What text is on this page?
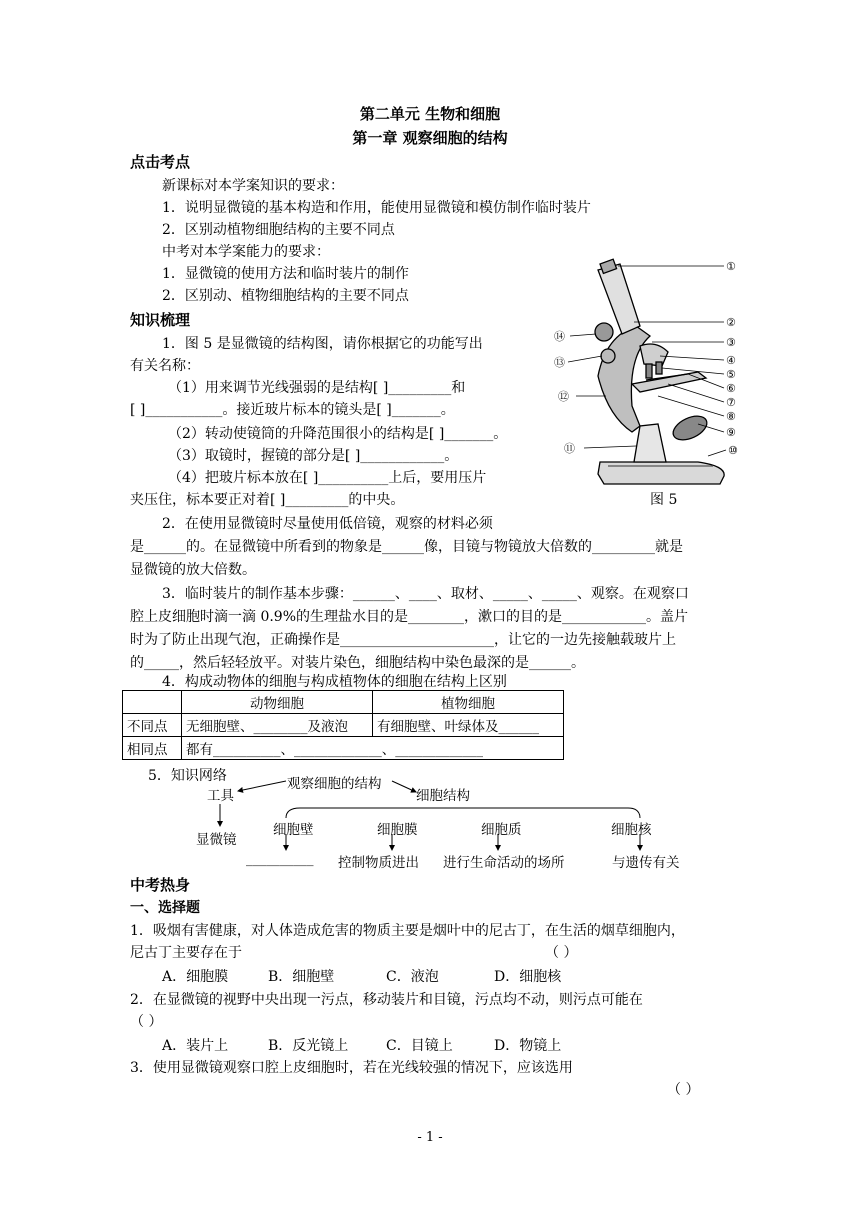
第二单元 生物和细胞
第一章 观察细胞的结构
点击考点
新课标对本学案知识的要求：
1．说明显微镜的基本构造和作用，能使用显微镜和模仿制作临时装片
2．区别动植物细胞结构的主要不同点
中考对本学案能力的要求：
1．显微镜的使用方法和临时装片的制作
2．区别动、植物细胞结构的主要不同点
知识梳理
1．图 5 是显微镜的结构图，请你根据它的功能写出
有关名称：
（1）用来调节光线强弱的是结构[ ]_________和
[ ]___________。接近玻片标本的镜头是[ ]_______。
（2）转动使镜筒的升降范围很小的结构是[ ]_______。
（3）取镜时，握镜的部分是[ ]____________。
（4）把玻片标本放在[ ]__________上后，要用压片
夹压住，标本要正对着[ ]_________的中央。
①
②
③
④
⑤
⑥
⑦
⑧
⑨
⑩
⑪
⑫
⑬
⑭
图 5
2．在使用显微镜时尽量使用低倍镜，观察的材料必须
是______的。在显微镜中所看到的物象是______像，目镜与物镜放大倍数的_________就是
显微镜的放大倍数。
3．临时装片的制作基本步骤：______、____、取材、_____、_____、观察。在观察口
腔上皮细胞时滴一滴 0.9%的生理盐水目的是________，漱口的目的是____________。盖片
时为了防止出现气泡，正确操作是______________________，让它的一边先接触载玻片上
的_____，然后轻轻放平。对装片染色，细胞结构中染色最深的是______。
4．构成动物体的细胞与构成植物体的细胞在结构上区别
	动物细胞	植物细胞
不同点	无细胞壁、________及液泡	有细胞壁、叶绿体及______
相同点	都有__________、_____________、_____________	
5．知识网络	观察细胞的结构
工具	细胞结构
显微镜
细胞壁	细胞膜	细胞质	细胞核
__________ 控制物质进出 进行生命活动的场所	与遗传有关
中考热身
一、选择题
1．吸烟有害健康，对人体造成危害的物质主要是烟叶中的尼古丁，在生活的烟草细胞内，
尼古丁主要存在于	（ ）
A．细胞膜	B．细胞壁	C．液泡	D．细胞核
2．在显微镜的视野中央出现一污点，移动装片和目镜，污点均不动，则污点可能在
（ ）
A．装片上	B．反光镜上	C．目镜上	D．物镜上
3．使用显微镜观察口腔上皮细胞时，若在光线较强的情况下，应该选用
（ ）
- 1 -
